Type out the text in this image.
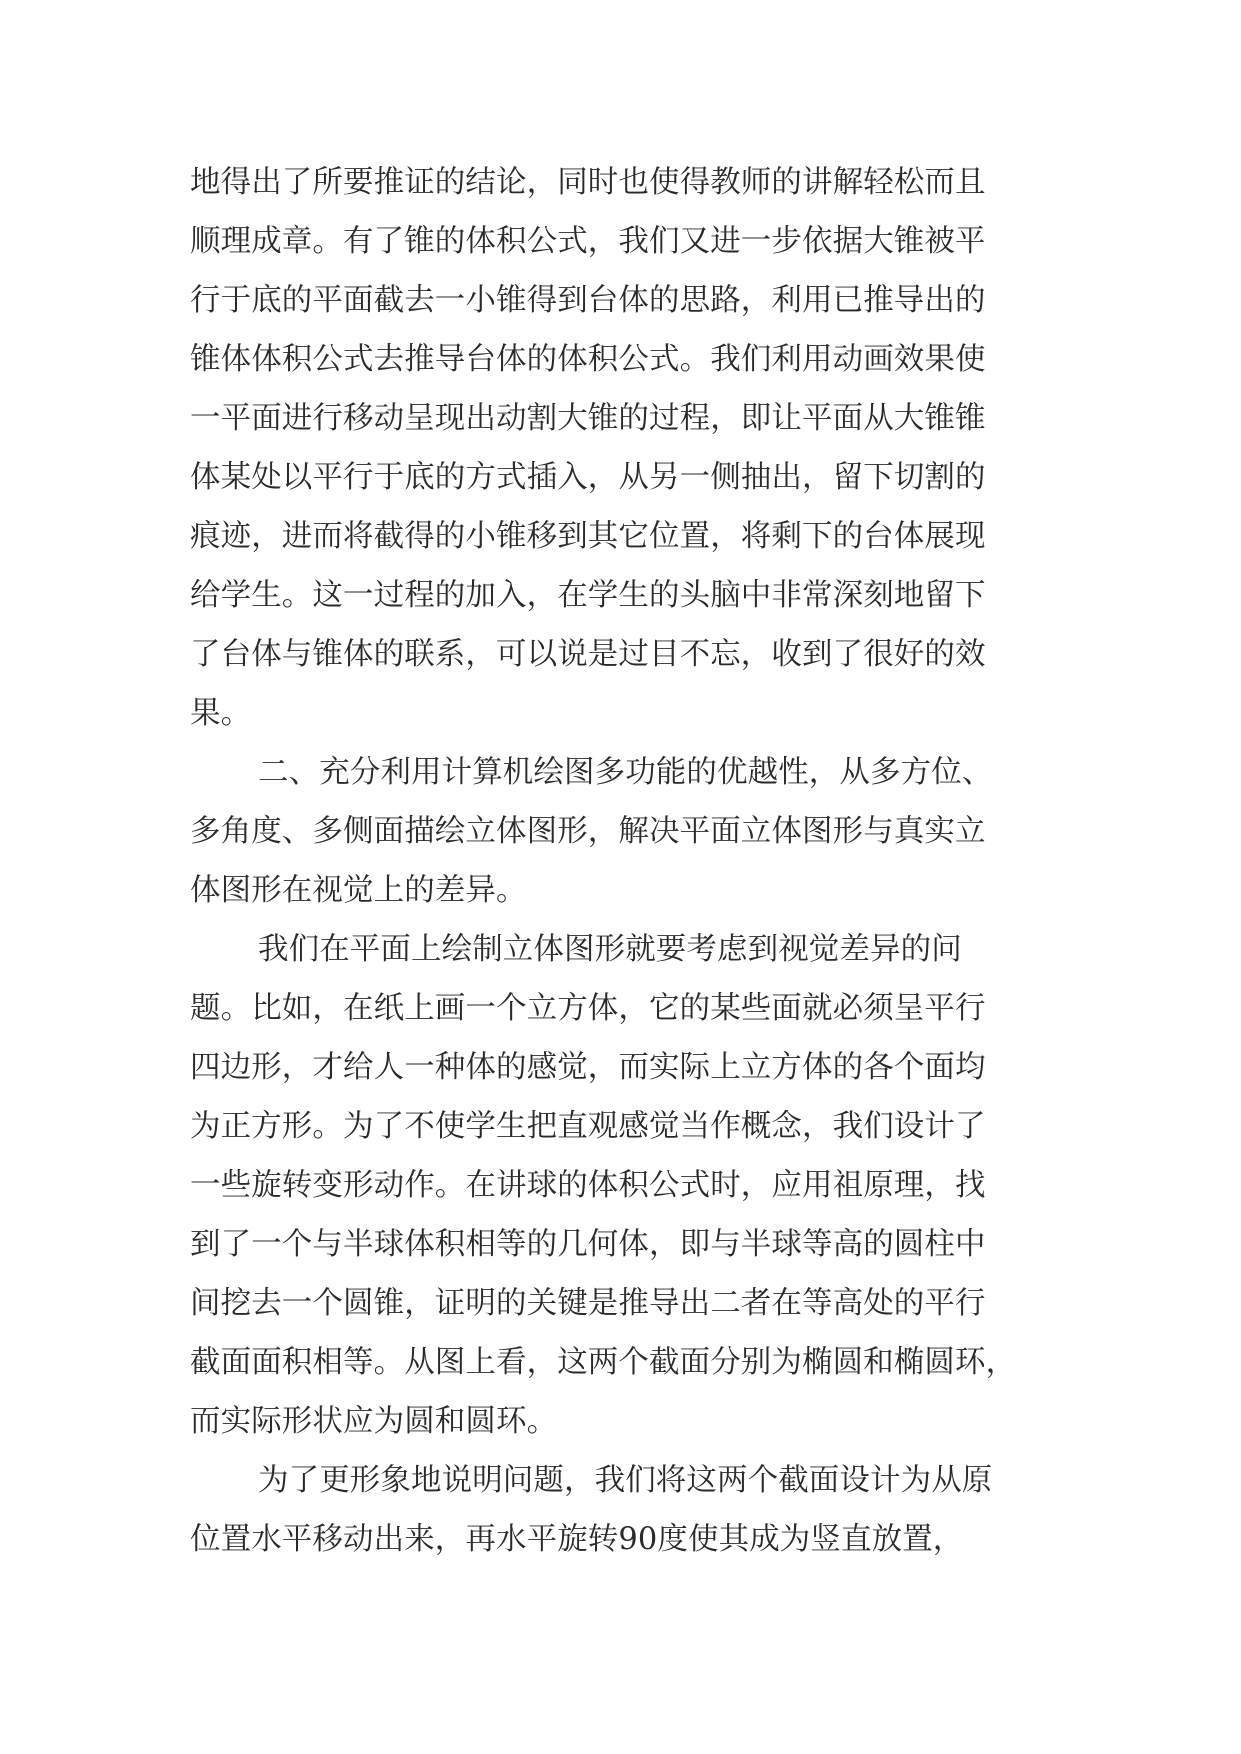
地得出了所要推证的结论，同时也使得教师的讲解轻松而且
顺理成章。有了锥的体积公式，我们又进一步依据大锥被平
行于底的平面截去一小锥得到台体的思路，利用已推导出的
锥体体积公式去推导台体的体积公式。我们利用动画效果使
一平面进行移动呈现出动割大锥的过程，即让平面从大锥锥
体某处以平行于底的方式插入，从另一侧抽出，留下切割的
痕迹，进而将截得的小锥移到其它位置，将剩下的台体展现
给学生。这一过程的加入，在学生的头脑中非常深刻地留下
了台体与锥体的联系，可以说是过目不忘，收到了很好的效
果。
二、充分利用计算机绘图多功能的优越性，从多方位、
多角度、多侧面描绘立体图形，解决平面立体图形与真实立
体图形在视觉上的差异。
我们在平面上绘制立体图形就要考虑到视觉差异的问
题。比如，在纸上画一个立方体，它的某些面就必须呈平行
四边形，才给人一种体的感觉，而实际上立方体的各个面均
为正方形。为了不使学生把直观感觉当作概念，我们设计了
一些旋转变形动作。在讲球的体积公式时，应用祖原理，找
到了一个与半球体积相等的几何体，即与半球等高的圆柱中
间挖去一个圆锥，证明的关键是推导出二者在等高处的平行
截面面积相等。从图上看，这两个截面分别为椭圆和椭圆环，
而实际形状应为圆和圆环。
为了更形象地说明问题，我们将这两个截面设计为从原
位置水平移动出来，再水平旋转90度使其成为竖直放置，
